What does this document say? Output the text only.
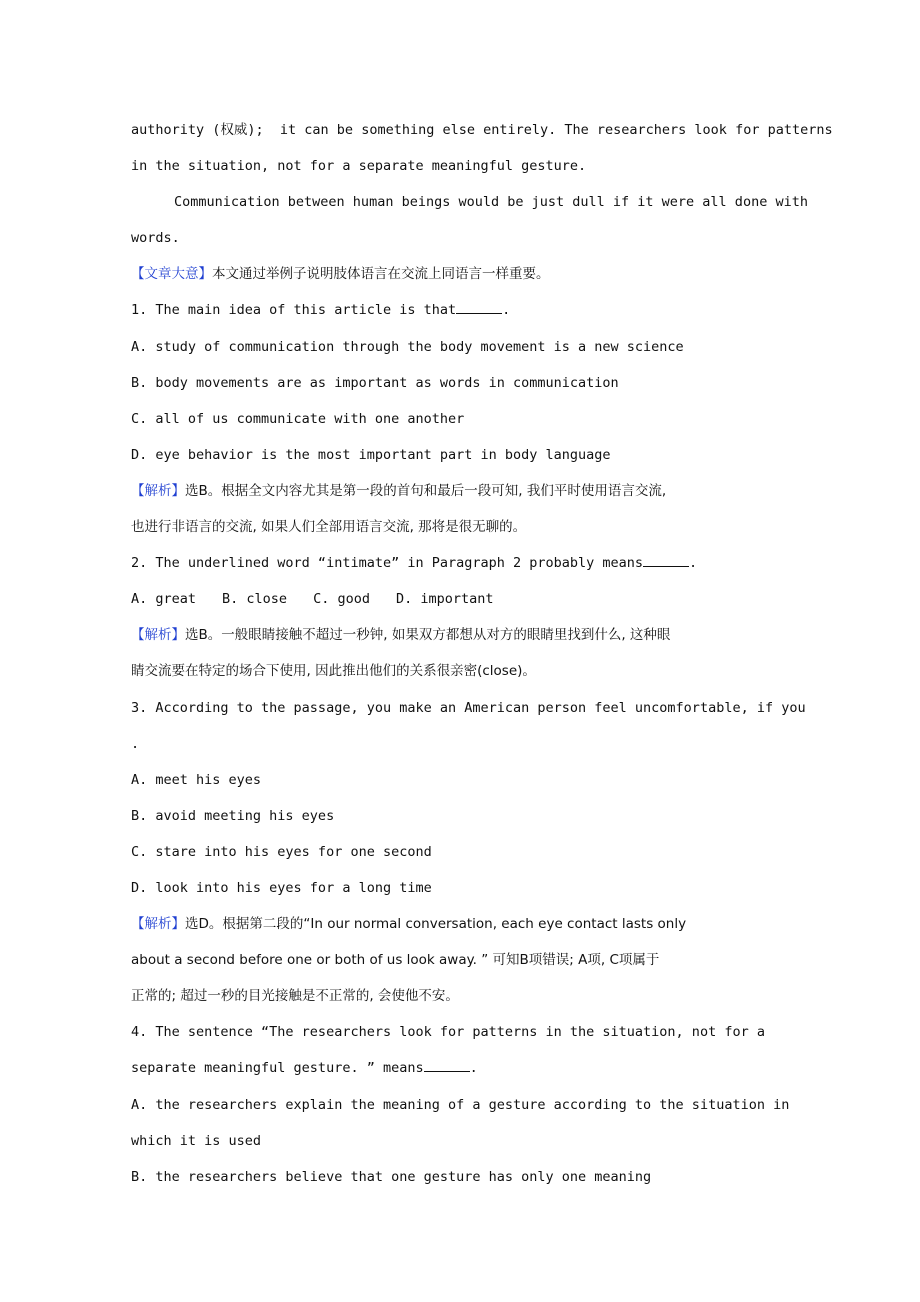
authority (权威);  it can be something else entirely. The researchers look for patterns
in the situation, not for a separate meaningful gesture.
Communication between human beings would be just dull if it were all done with
words.
【文章大意】本文通过举例子说明肢体语言在交流上同语言一样重要。
1. The main idea of this article is that	.
A. study of communication through the body movement is a new science
B. body movements are as important as words in communication
C. all of us communicate with one another
D. eye behavior is the most important part in body language
【解析】选B。根据全文内容尤其是第一段的首句和最后一段可知, 我们平时使用语言交流,
也进行非语言的交流, 如果人们全部用语言交流, 那将是很无聊的。
2. The underlined word “intimate” in Paragraph 2 probably means	.
A. great B. close C. good D. important
【解析】选B。一般眼睛接触不超过一秒钟, 如果双方都想从对方的眼睛里找到什么, 这种眼
睛交流要在特定的场合下使用, 因此推出他们的关系很亲密(close)。
3. According to the passage, you make an American person feel uncomfortable, if you
.
A. meet his eyes
B. avoid meeting his eyes
C. stare into his eyes for one second
D. look into his eyes for a long time
【解析】选D。根据第二段的“In our normal conversation, each eye contact lasts only
about a second before one or both of us look away. ” 可知B项错误; A项, C项属于
正常的; 超过一秒的目光接触是不正常的, 会使他不安。
4. The sentence “The researchers look for patterns in the situation, not for a
separate meaningful gesture. ” means	.
A. the researchers explain the meaning of a gesture according to the situation in
which it is used
B. the researchers believe that one gesture has only one meaning
